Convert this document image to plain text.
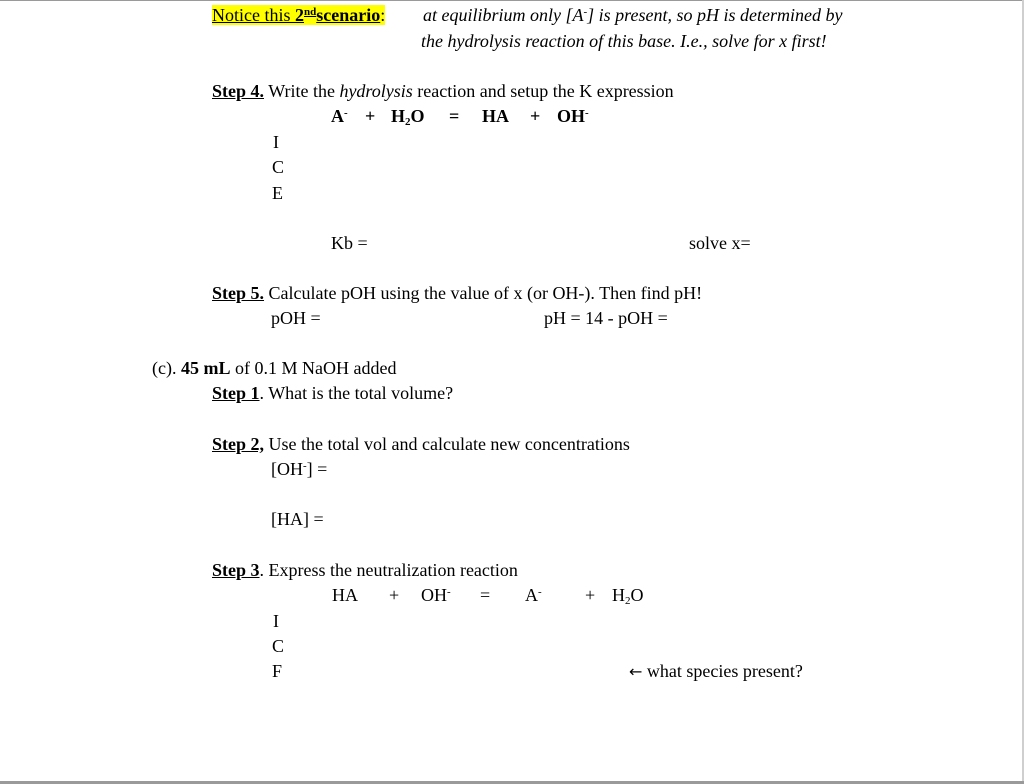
Notice this 2ndscenario: at equilibrium only [A-] is present, so pH is determined by
the hydrolysis reaction of this base. I.e., solve for x first!
Step 4. Write the hydrolysis reaction and setup the K expression
$A^- + H_2O$ = HA + OH-
I
C
E
Kb =	solve x=
Step 5. Calculate pOH using the value of x (or OH-). Then find pH!
pOH =	pH = 14 - pOH =
(c). 45 mL of 0.1 M NaOH added
Step 1. What is the total volume?
Step 2, Use the total vol and calculate new concentrations
[OH-] =
[HA] =
Step 3. Express the neutralization reaction
HA + $OH^- = A^- + H_2O$
I
C
F	← what species present?
